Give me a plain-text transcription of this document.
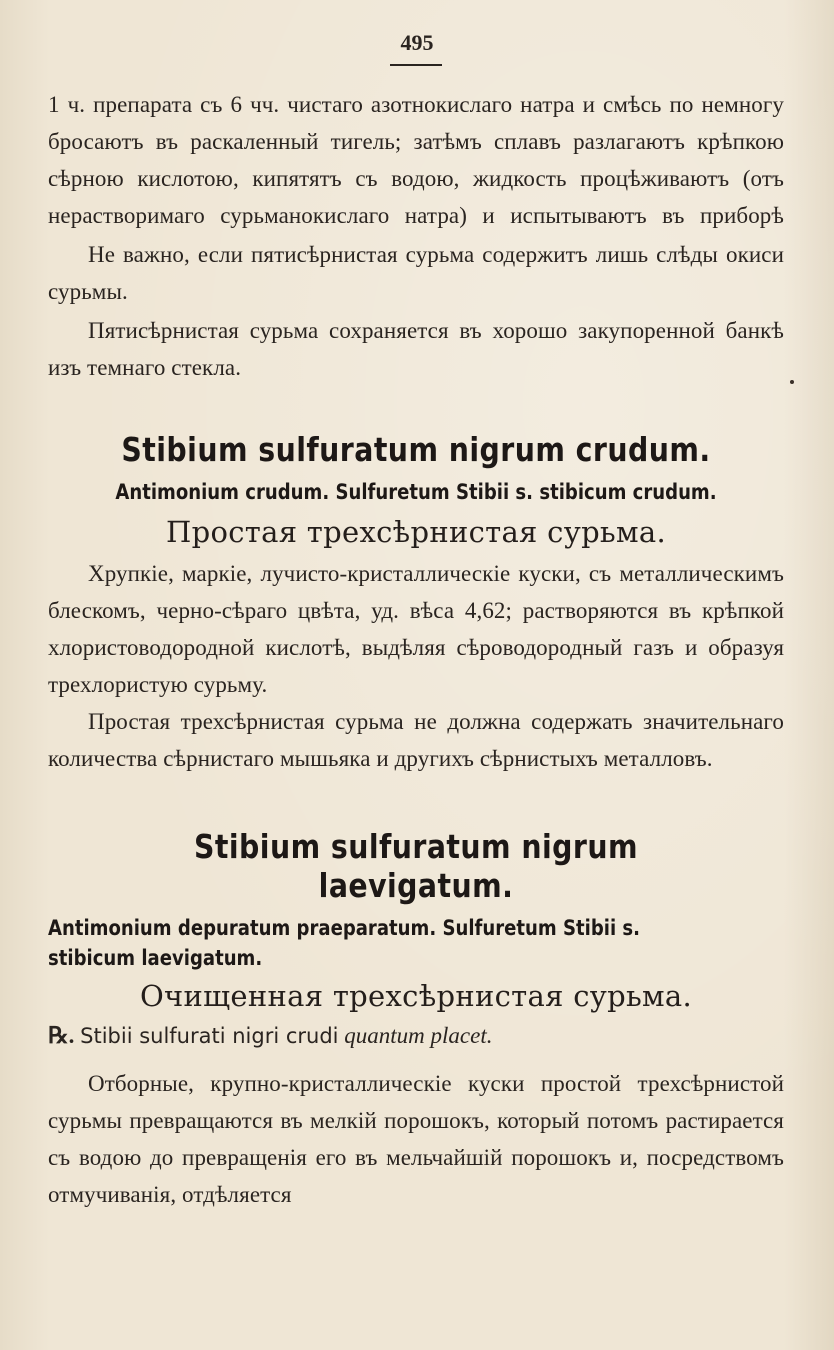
495

1 ч. препарата съ 6 чч. чистаго азотнокислаго натра и смѣсь по немногу бросаютъ въ раскаленный тигель; затѣмъ сплавъ разлагаютъ крѣпкою сѣрною кислотою, кипятятъ съ водою, жидкость процѣживаютъ (отъ нерастворимаго сурьманокислаго натра) и испытываютъ въ приборѣ

Не важно, если пятисѣрнистая сурьма содержитъ лишь слѣды окиси сурьмы.

Пятисѣрнистая сурьма сохраняется въ хорошо закупоренной банкѣ изъ темнаго стекла.

Stibium sulfuratum nigrum crudum.
Antimonium crudum. Sulfuretum Stibii s. stibicum crudum.
Простая трехсѣрнистая сурьма.

Хрупкіе, маркіе, лучисто-кристаллическіе куски, съ металлическимъ блескомъ, черно-сѣраго цвѣта, уд. вѣса 4,62; растворяются въ крѣпкой хлористоводородной кислотѣ, выдѣляя сѣроводородный газъ и образуя трехлористую сурьму.

Простая трехсѣрнистая сурьма не должна содержать значительнаго количества сѣрнистаго мышьяка и другихъ сѣрнистыхъ металловъ.

Stibium sulfuratum nigrum laevigatum.
Antimonium depuratum praeparatum. Sulfuretum Stibii s. stibicum laevigatum.
Очищенная трехсѣрнистая сурьма.
℞. Stibii sulfurati nigri crudi quantum placet.

Отборные, крупно-кристаллическіе куски простой трехсѣрнистой сурьмы превращаются въ мелкій порошокъ, который потомъ растирается съ водою до превращенія его въ мельчайшій порошокъ и, посредствомъ отмучиванія, отдѣляется
